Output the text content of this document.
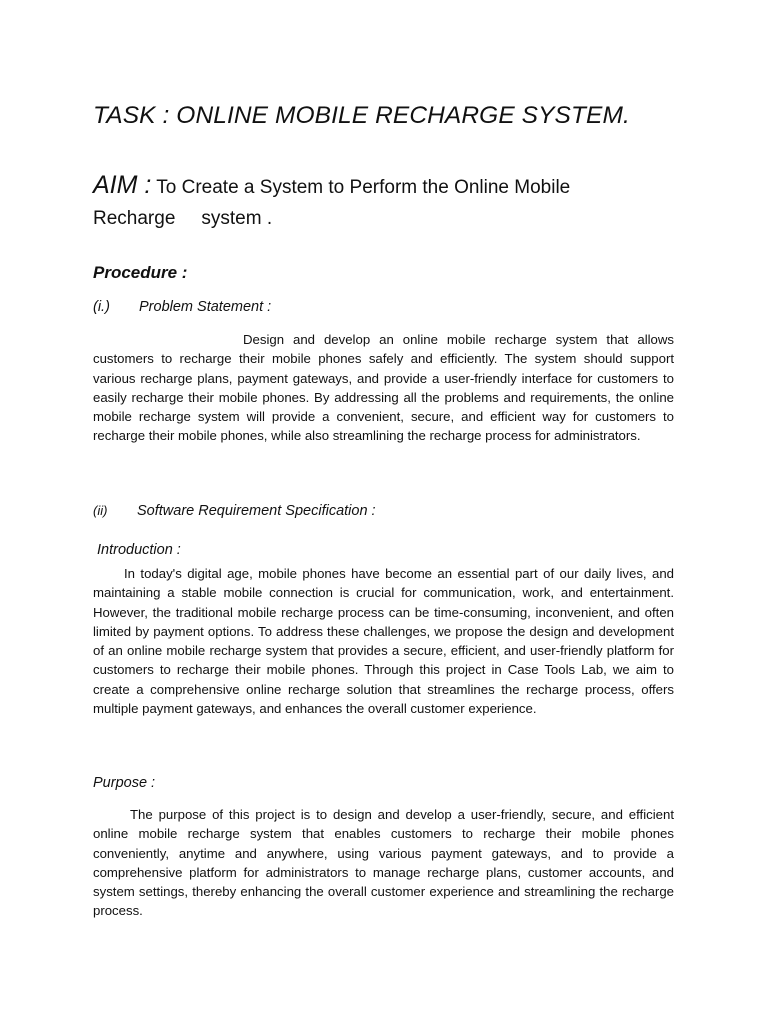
TASK : ONLINE MOBILE RECHARGE SYSTEM.
AIM : To Create a System to Perform the Online Mobile
Recharge system .
Procedure :
(i.) Problem Statement :

Design and develop an online mobile recharge system that allows customers to recharge their mobile phones safely and efficiently. The system should support various recharge plans, payment gateways, and provide a user-friendly interface for customers to easily recharge their mobile phones. By addressing all the problems and requirements, the online mobile recharge system will provide a convenient, secure, and efficient way for customers to recharge their mobile phones, while also streamlining the recharge process for administrators.

(ii) Software Requirement Specification :
Introduction :

In today's digital age, mobile phones have become an essential part of our daily lives, and maintaining a stable mobile connection is crucial for communication, work, and entertainment. However, the traditional mobile recharge process can be time-consuming, inconvenient, and often limited by payment options. To address these challenges, we propose the design and development of an online mobile recharge system that provides a secure, efficient, and user-friendly platform for customers to recharge their mobile phones. Through this project in Case Tools Lab, we aim to create a comprehensive online recharge solution that streamlines the recharge process, offers multiple payment gateways, and enhances the overall customer experience.

Purpose :

The purpose of this project is to design and develop a user-friendly, secure, and efficient online mobile recharge system that enables customers to recharge their mobile phones conveniently, anytime and anywhere, using various payment gateways, and to provide a comprehensive platform for administrators to manage recharge plans, customer accounts, and system settings, thereby enhancing the overall customer experience and streamlining the recharge process.
